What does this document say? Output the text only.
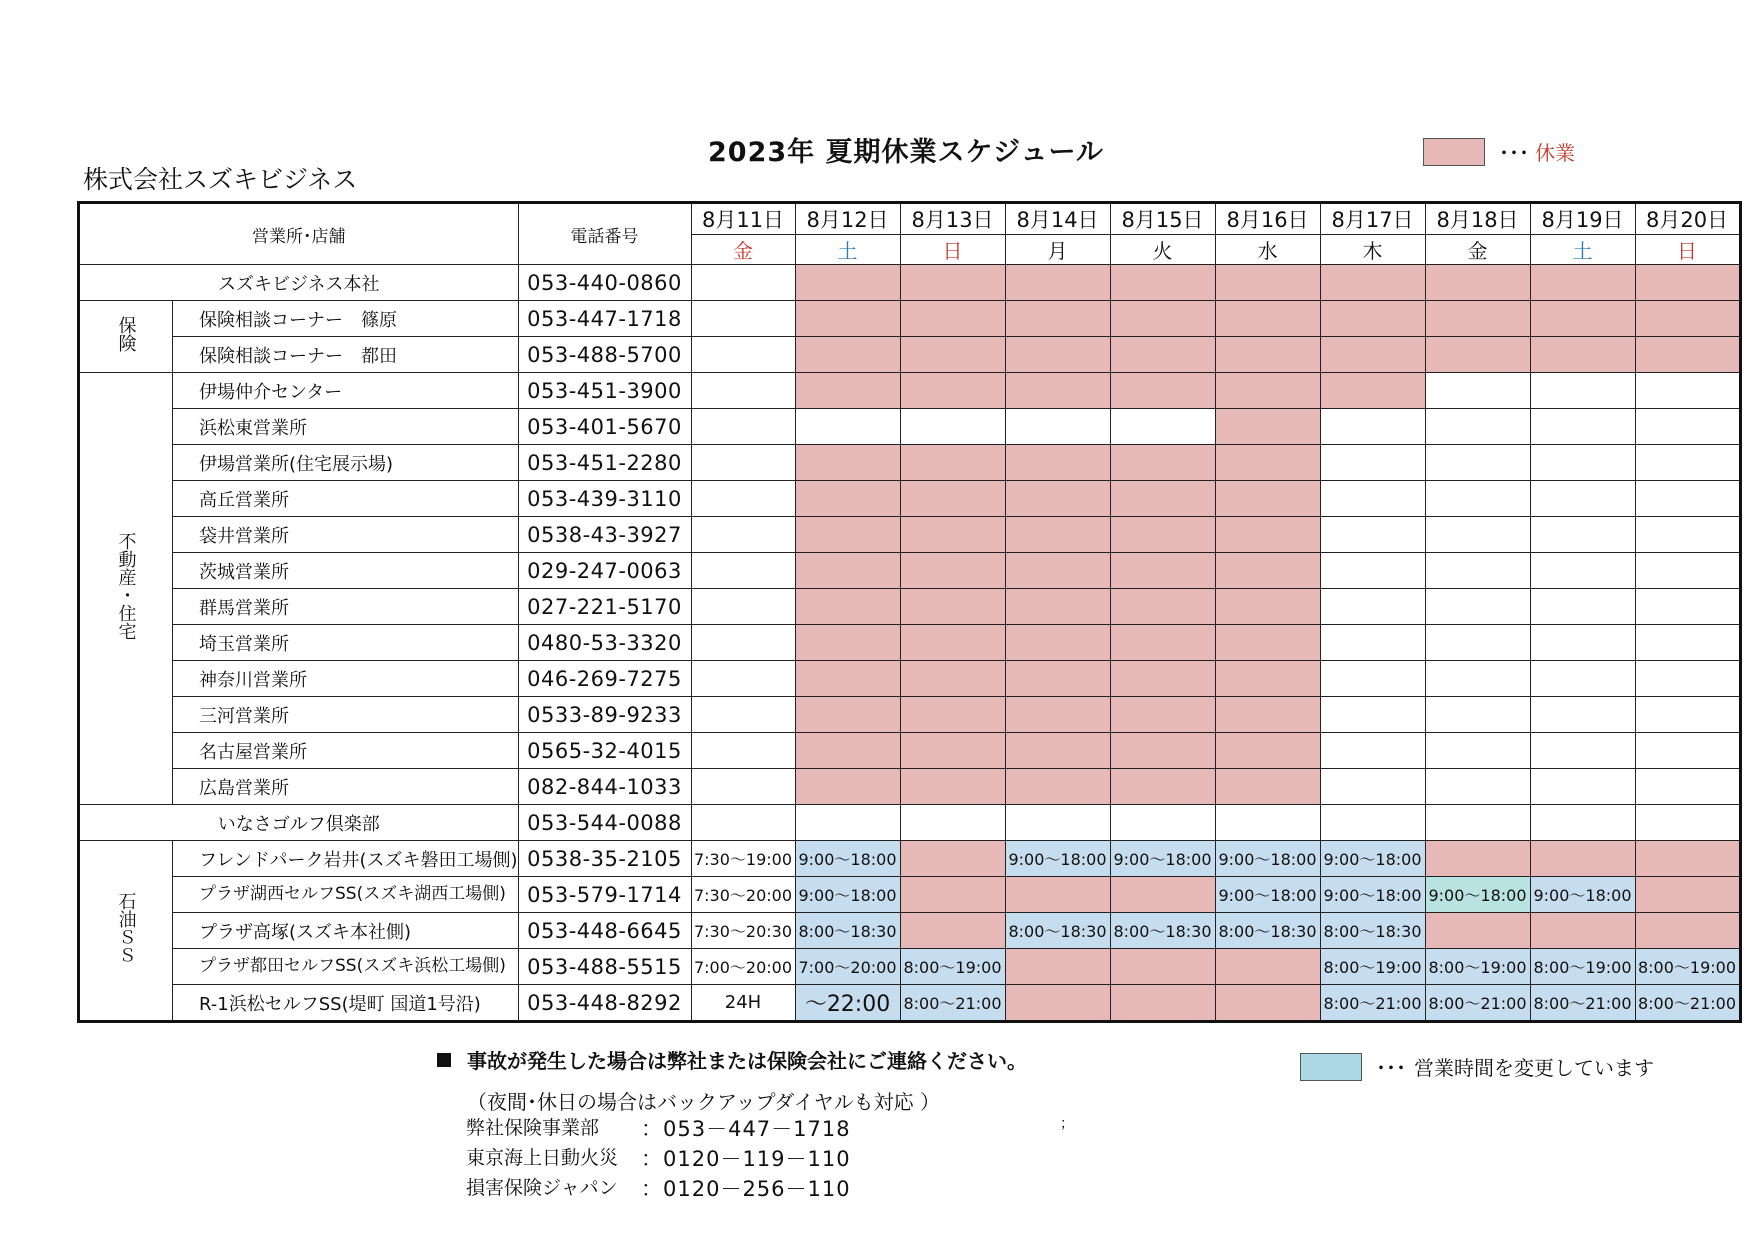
2023年 夏期休業スケジュール
株式会社スズキビジネス
･･･ 休業
営業所･店舗		電話番号	8月11日	8月12日	8月13日	8月14日	8月15日	8月16日	8月17日	8月18日	8月19日	8月20日
			金	土	日	月	火	水	木	金	土	日
スズキビジネス本社		053-440-0860										
保険	保険相談コーナー　篠原	053-447-1718										
	保険相談コーナー　都田	053-488-5700										
不動産・住宅	伊場仲介センター	053-451-3900										
	浜松東営業所	053-401-5670										
	伊場営業所(住宅展示場)	053-451-2280										
	高丘営業所	053-439-3110										
	袋井営業所	0538-43-3927										
	茨城営業所	029-247-0063										
	群馬営業所	027-221-5170										
	埼玉営業所	0480-53-3320										
	神奈川営業所	046-269-7275										
	三河営業所	0533-89-9233										
	名古屋営業所	0565-32-4015										
	広島営業所	082-844-1033										
いなさゴルフ倶楽部		053-544-0088										
石油ＳＳ	フレンドパーク岩井(スズキ磐田工場側)	0538-35-2105	7:30～19:00	9:00～18:00		9:00～18:00	9:00～18:00	9:00～18:00	9:00～18:00			
	プラザ湖西セルフSS(スズキ湖西工場側)	053-579-1714	7:30～20:00	9:00～18:00				9:00～18:00	9:00～18:00	9:00～18:00	9:00～18:00	
	プラザ高塚(スズキ本社側)	053-448-6645	7:30～20:30	8:00～18:30		8:00～18:30	8:00～18:30	8:00～18:30	8:00～18:30			
	プラザ都田セルフSS(スズキ浜松工場側)	053-488-5515	7:00～20:00	7:00～20:00	8:00～19:00				8:00～19:00	8:00～19:00	8:00～19:00	8:00～19:00
	R-1浜松セルフSS(堤町 国道1号沿)	053-448-8292	24H	～22:00	8:00～21:00				8:00～21:00	8:00～21:00	8:00～21:00	8:00～21:00
事故が発生した場合は弊社または保険会社にご連絡ください。
（夜間･休日の場合はバックアップダイヤルも対応 ）
･･･ 営業時間を変更しています
弊社保険事業部	：053－447－1718
東京海上日動火災	：0120－119－110
損害保険ジャパン	：0120－256－110
；
